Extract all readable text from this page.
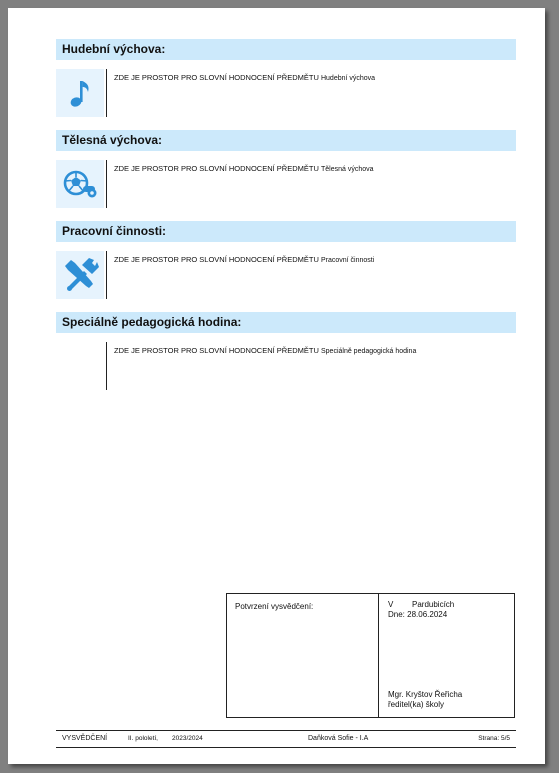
Hudební výchova:
ZDE JE PROSTOR PRO SLOVNÍ HODNOCENÍ PŘEDMĚTU Hudební výchova
Tělesná výchova:
ZDE JE PROSTOR PRO SLOVNÍ HODNOCENÍ PŘEDMĚTU Tělesná výchova
Pracovní činnosti:
ZDE JE PROSTOR PRO SLOVNÍ HODNOCENÍ PŘEDMĚTU Pracovní činnosti
Speciálně pedagogická hodina:
ZDE JE PROSTOR PRO SLOVNÍ HODNOCENÍ PŘEDMĚTU Speciálně pedagogická hodina
Potvrzení vysvědčení:	V Pardubicích
Dne: 28.06.2024
Mgr. Kryštov Řeřicha
ředitel(ka) školy
VYSVĚDČENÍ	II. pololetí, 2023/2024	Daňková Sofie - I.A	Strana: 5/5
